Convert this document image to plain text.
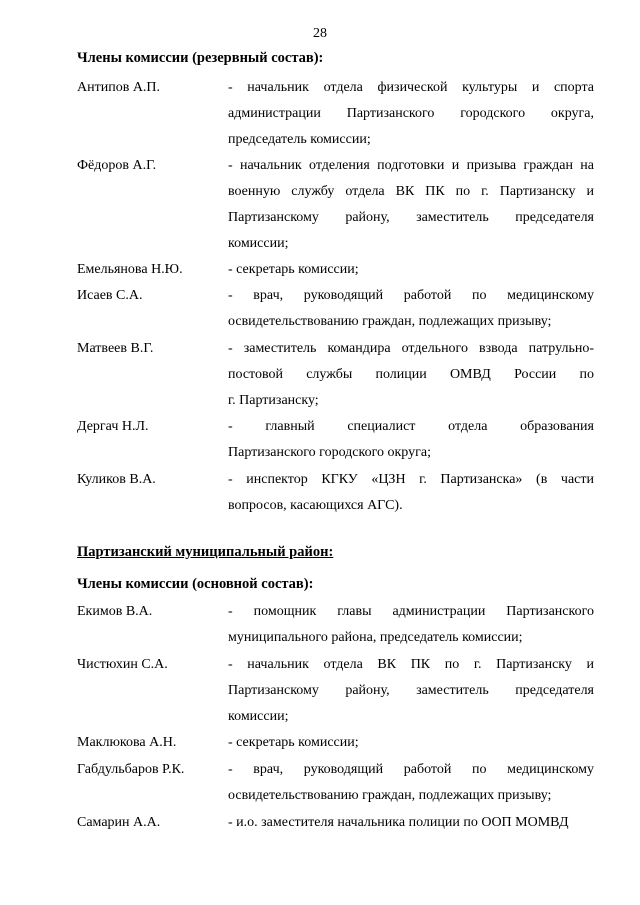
28
Члены комиссии (резервный состав):
Антипов А.П.	- начальник отдела физической культуры и спорта
администрации Партизанского городского округа,
председатель комиссии;
Фёдоров А.Г.	- начальник отделения подготовки и призыва граждан на
военную службу отдела ВК ПК по г. Партизанску и
Партизанскому району, заместитель председателя
комиссии;
Емельянова Н.Ю.	- секретарь комиссии;
Исаев С.А.	- врач, руководящий работой по медицинскому
освидетельствованию граждан, подлежащих призыву;
Матвеев В.Г.	- заместитель командира отдельного взвода патрульно-
постовой службы полиции ОМВД России по
г. Партизанску;
Дергач Н.Л.	- главный специалист отдела образования
Партизанского городского округа;
Куликов В.А.	- инспектор КГКУ «ЦЗН г. Партизанска» (в части
вопросов, касающихся АГС).
Партизанский муниципальный район:
Члены комиссии (основной состав):
Екимов В.А.	- помощник главы администрации Партизанского
муниципального района, председатель комиссии;
Чистюхин С.А.	- начальник отдела ВК ПК по г. Партизанску и
Партизанскому району, заместитель председателя
комиссии;
Маклюкова А.Н.	- секретарь комиссии;
Габдульбаров Р.К.	- врач, руководящий работой по медицинскому
освидетельствованию граждан, подлежащих призыву;
Самарин А.А.	- и.о. заместителя начальника полиции по ООП МОМВД
